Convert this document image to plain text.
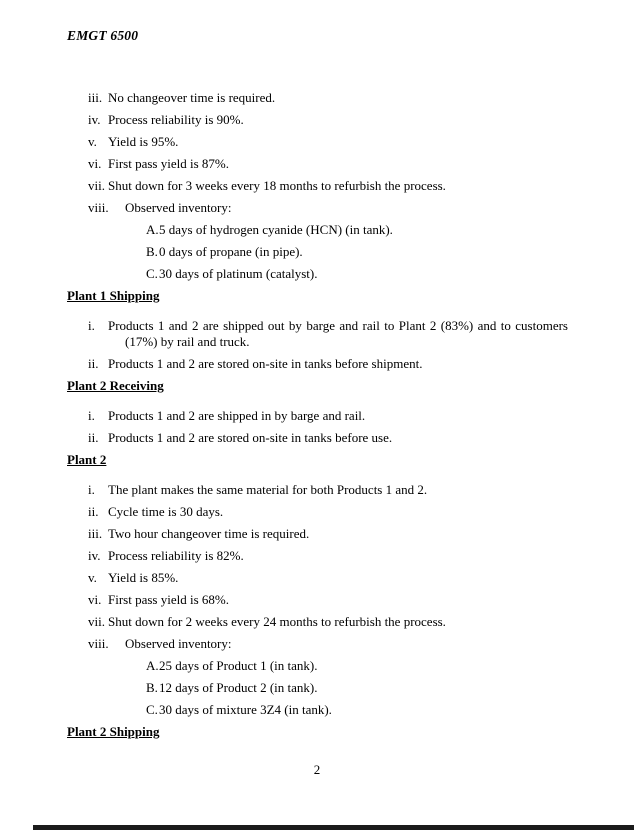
EMGT 6500
iii. No changeover time is required.
iv. Process reliability is 90%.
v. Yield is 95%.
vi. First pass yield is 87%.
vii. Shut down for 3 weeks every 18 months to refurbish the process.
viii.	Observed inventory:
A. 5 days of hydrogen cyanide (HCN) (in tank).
B. 0 days of propane (in pipe).
C. 30 days of platinum (catalyst).
Plant 1 Shipping
i.	Products 1 and 2 are shipped out by barge and rail to Plant 2 (83%) and to customers (17%) by rail and truck.
ii. Products 1 and 2 are stored on-site in tanks before shipment.
Plant 2 Receiving
i.	Products 1 and 2 are shipped in by barge and rail.
ii. Products 1 and 2 are stored on-site in tanks before use.
Plant 2
i.	The plant makes the same material for both Products 1 and 2.
ii. Cycle time is 30 days.
iii. Two hour changeover time is required.
iv. Process reliability is 82%.
v. Yield is 85%.
vi. First pass yield is 68%.
vii. Shut down for 2 weeks every 24 months to refurbish the process.
viii.	Observed inventory:
A. 25 days of Product 1 (in tank).
B. 12 days of Product 2 (in tank).
C. 30 days of mixture 3Z4 (in tank).
Plant 2 Shipping
2
